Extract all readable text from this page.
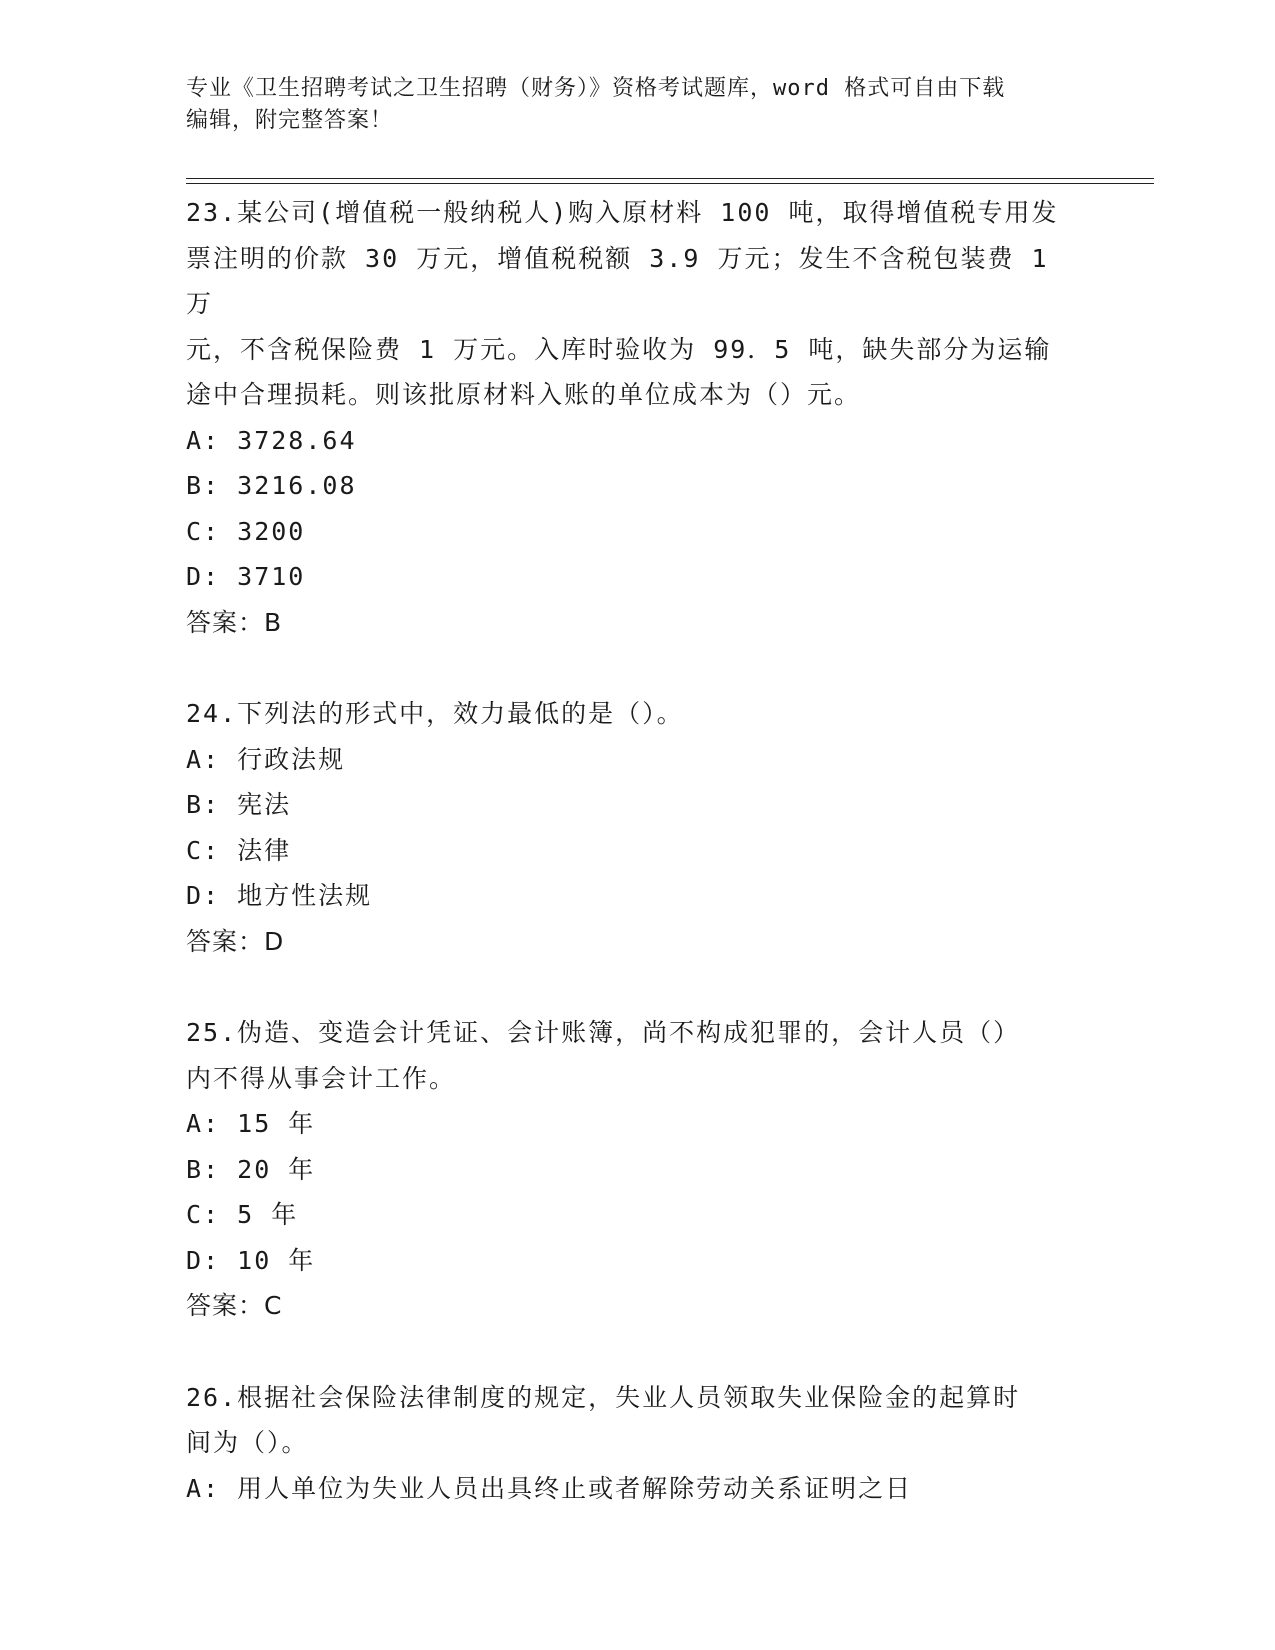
专业《卫生招聘考试之卫生招聘（财务）》资格考试题库，word 格式可自由下载
编辑，附完整答案！
23.某公司(增值税一般纳税人)购入原材料 100 吨，取得增值税专用发
票注明的价款 30 万元，增值税税额 3.9 万元；发生不含税包装费 1 万
元，不含税保险费 1 万元。入库时验收为 99．5 吨，缺失部分为运输
途中合理损耗。则该批原材料入账的单位成本为（）元。
A: 3728.64
B: 3216.08
C: 3200
D: 3710
答案：B
24.下列法的形式中，效力最低的是（）。
A: 行政法规
B: 宪法
C: 法律
D: 地方性法规
答案：D
25.伪造、变造会计凭证、会计账簿，尚不构成犯罪的，会计人员（）
内不得从事会计工作。
A: 15 年
B: 20 年
C: 5 年
D: 10 年
答案：C
26.根据社会保险法律制度的规定，失业人员领取失业保险金的起算时
间为（）。
A: 用人单位为失业人员出具终止或者解除劳动关系证明之日
